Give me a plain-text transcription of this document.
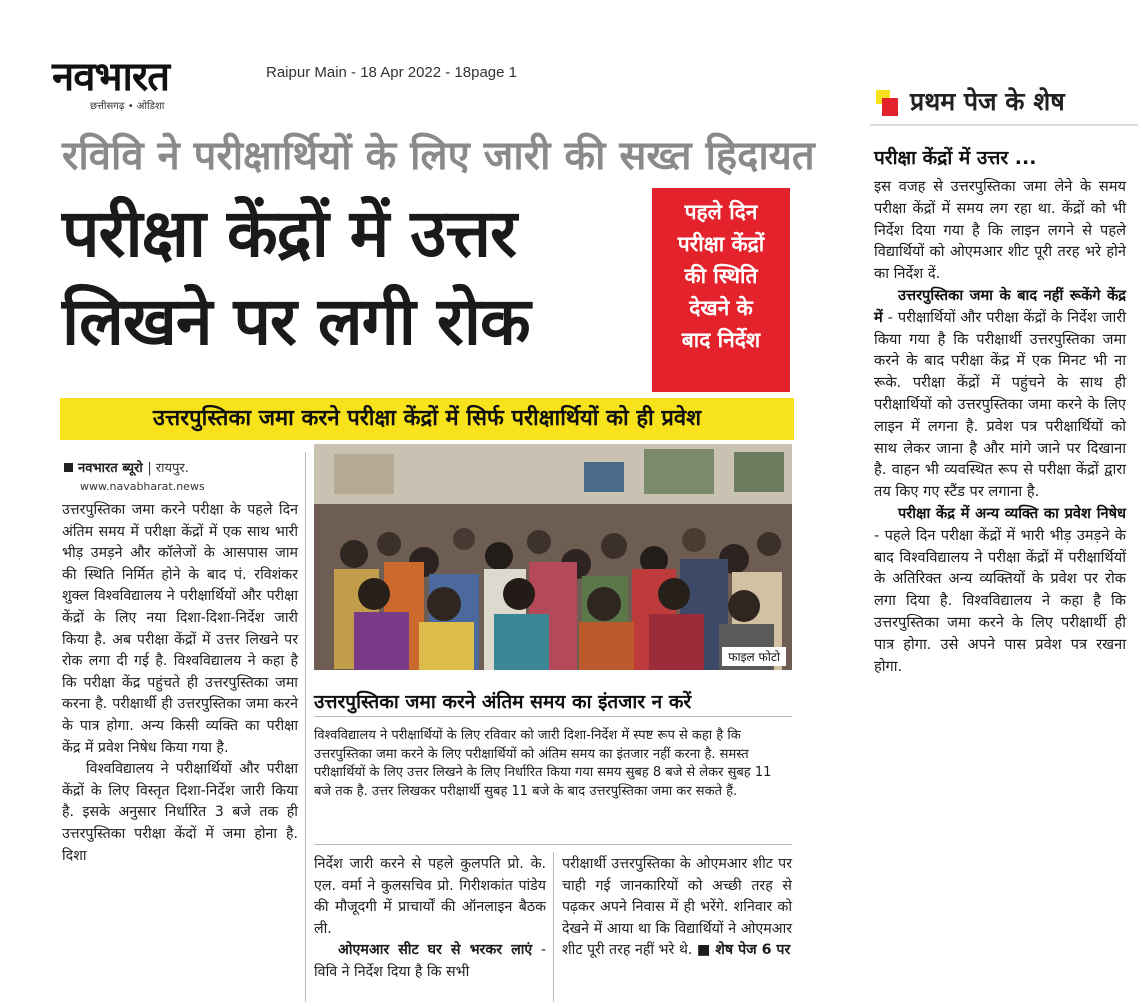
नवभारत
छत्तीसगढ़ • ओडिशा
Raipur Main - 18 Apr 2022 - 18page 1
रविवि ने परीक्षार्थियों के लिए जारी की सख्त हिदायत
परीक्षा केंद्रों में उत्तर
लिखने पर लगी रोक
पहले दिन
परीक्षा केंद्रों
की स्थिति
देखने के
बाद निर्देश
उत्तरपुस्तिका जमा करने परीक्षा केंद्रों में सिर्फ परीक्षार्थियों को ही प्रवेश
नवभारत ब्यूरो | रायपुर.
www.navabharat.news
उत्तरपुस्तिका जमा करने परीक्षा के पहले दिन अंतिम समय में परीक्षा केंद्रों में एक साथ भारी भीड़ उमड़ने और कॉलेजों के आसपास जाम की स्थिति निर्मित होने के बाद पं. रविशंकर शुक्ल विश्वविद्यालय ने परीक्षार्थियों और परीक्षा केंद्रों के लिए नया दिशा-दिशा-निर्देश जारी किया है. अब परीक्षा केंद्रों में उत्तर लिखने पर रोक लगा दी गई है. विश्वविद्यालय ने कहा है कि परीक्षा केंद्र पहुंचते ही उत्तरपुस्तिका जमा करना है. परीक्षार्थी ही उत्तरपुस्तिका जमा करने के पात्र होगा. अन्य किसी व्यक्ति का परीक्षा केंद्र में प्रवेश निषेध किया गया है.
विश्वविद्यालय ने परीक्षार्थियों और परीक्षा केंद्रों के लिए विस्तृत दिशा-निर्देश जारी किया है. इसके अनुसार निर्धारित 3 बजे तक ही उत्तरपुस्तिका परीक्षा केंदों में जमा होना है. दिशा
फाइल फोटो
उत्तरपुस्तिका जमा करने अंतिम समय का इंतजार न करें
विश्वविद्यालय ने परीक्षार्थियों के लिए रविवार को जारी दिशा-निर्देश में स्पष्ट रूप से कहा है कि उत्तरपुस्तिका जमा करने के लिए परीक्षार्थियों को अंतिम समय का इंतजार नहीं करना है. समस्त परीक्षार्थियों के लिए उत्तर लिखने के लिए निर्धारित किया गया समय सुबह 8 बजे से लेकर सुबह 11 बजे तक है. उत्तर लिखकर परीक्षार्थी सुबह 11 बजे के बाद उत्तरपुस्तिका जमा कर सकते हैं.
निर्देश जारी करने से पहले कुलपति प्रो. के. एल. वर्मा ने कुलसचिव प्रो. गिरीशकांत पांडेय की मौजूदगी में प्राचार्यों की ऑनलाइन बैठक ली.
ओएमआर सीट घर से भरकर लाएं - विवि ने निर्देश दिया है कि सभी
परीक्षार्थी उत्तरपुस्तिका के ओएमआर शीट पर चाही गई जानकारियों को अच्छी तरह से पढ़कर अपने निवास में ही भरेंगे. शनिवार को देखने में आया था कि विद्यार्थियों ने ओएमआर शीट पूरी तरह नहीं भरे थे. ■ शेष पेज 6 पर
प्रथम पेज के शेष
परीक्षा केंद्रों में उत्तर ...
इस वजह से उत्तरपुस्तिका जमा लेने के समय परीक्षा केंद्रों में समय लग रहा था. केंद्रों को भी निर्देश दिया गया है कि लाइन लगने से पहले विद्यार्थियों को ओएमआर शीट पूरी तरह भरे होने का निर्देश दें.
उत्तरपुस्तिका जमा के बाद नहीं रूकेंगे केंद्र में - परीक्षार्थियों और परीक्षा केंद्रों के निर्देश जारी किया गया है कि परीक्षार्थी उत्तरपुस्तिका जमा करने के बाद परीक्षा केंद्र में एक मिनट भी ना रूके. परीक्षा केंद्रों में पहुंचने के साथ ही परीक्षार्थियों को उत्तरपुस्तिका जमा करने के लिए लाइन में लगना है. प्रवेश पत्र परीक्षार्थियों को साथ लेकर जाना है और मांगे जाने पर दिखाना है. वाहन भी व्यवस्थित रूप से परीक्षा केंद्रों द्वारा तय किए गए स्टैंड पर लगाना है.
परीक्षा केंद्र में अन्य व्यक्ति का प्रवेश निषेध - पहले दिन परीक्षा केंद्रों में भारी भीड़ उमड़ने के बाद विश्वविद्यालय ने परीक्षा केंद्रों में परीक्षार्थियों के अतिरिक्त अन्य व्यक्तियों के प्रवेश पर रोक लगा दिया है. विश्वविद्यालय ने कहा है कि उत्तरपुस्तिका जमा करने के लिए परीक्षार्थी ही पात्र होगा. उसे अपने पास प्रवेश पत्र रखना होगा.
